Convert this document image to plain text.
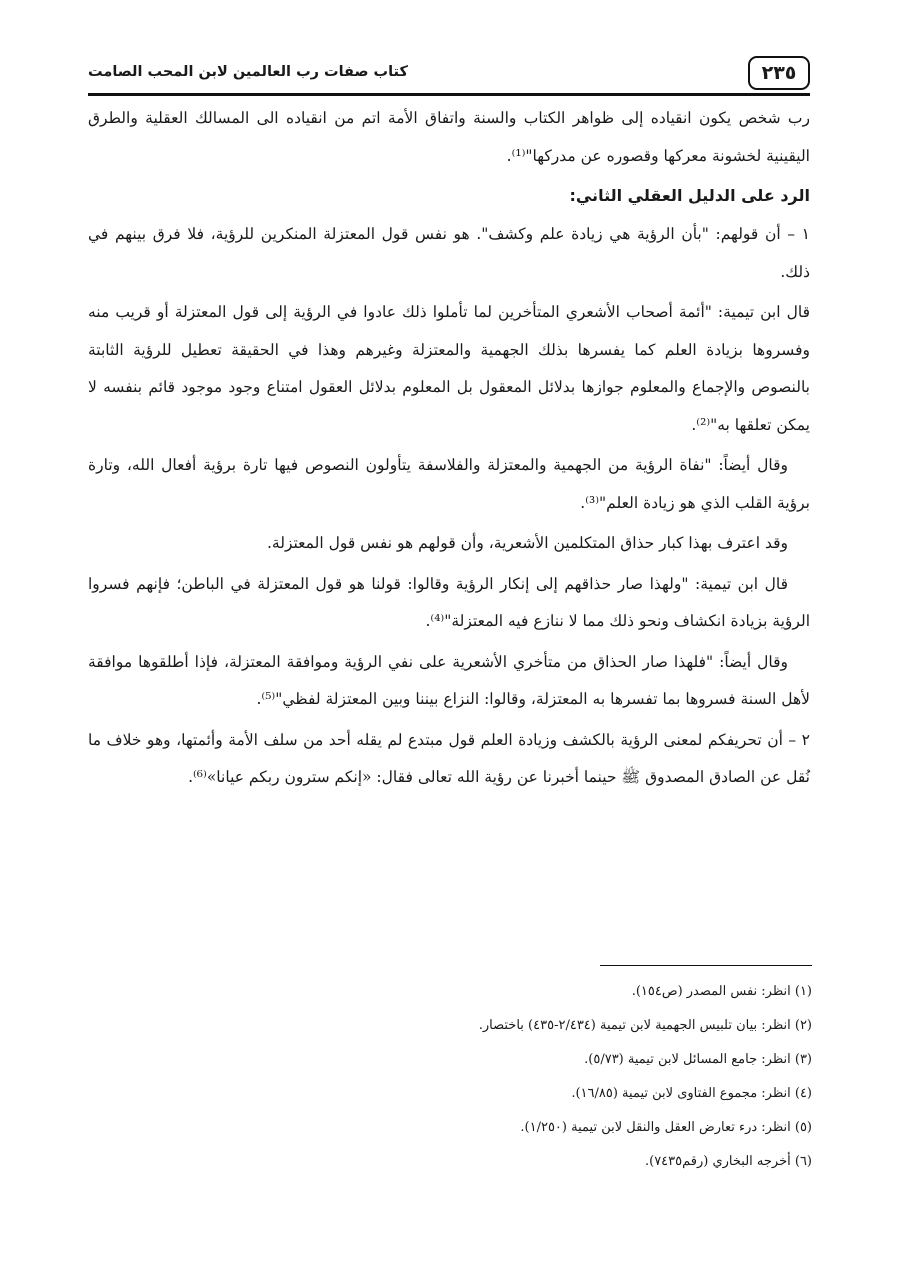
٢٣٥
كتاب صفات رب العالمين لابن المحب الصامت

رب شخص يكون انقياده إلى ظواهر الكتاب والسنة واتفاق الأمة اتم من انقياده الى المسالك العقلية والطرق اليقينية لخشونة معركها وقصوره عن مدركها"⁽¹⁾.

الرد على الدليل العقلي الثاني:

١ – أن قولهم: "بأن الرؤية هي زيادة علم وكشف". هو نفس قول المعتزلة المنكرين للرؤية، فلا فرق بينهم في ذلك.

قال ابن تيمية: "أئمة أصحاب الأشعري المتأخرين لما تأملوا ذلك عادوا في الرؤية إلى قول المعتزلة أو قريب منه وفسروها بزيادة العلم كما يفسرها بذلك الجهمية والمعتزلة وغيرهم وهذا في الحقيقة تعطيل للرؤية الثابتة بالنصوص والإجماع والمعلوم جوازها بدلائل المعقول بل المعلوم بدلائل العقول امتناع وجود موجود قائم بنفسه لا يمكن تعلقها به"⁽²⁾.

وقال أيضاً: "نفاة الرؤية من الجهمية والمعتزلة والفلاسفة يتأولون النصوص فيها تارة برؤية أفعال الله، وتارة برؤية القلب الذي هو زيادة العلم"⁽³⁾.

وقد اعترف بهذا كبار حذاق المتكلمين الأشعرية، وأن قولهم هو نفس قول المعتزلة.

قال ابن تيمية: "ولهذا صار حذاقهم إلى إنكار الرؤية وقالوا: قولنا هو قول المعتزلة في الباطن؛ فإنهم فسروا الرؤية بزيادة انكشاف ونحو ذلك مما لا ننازع فيه المعتزلة"⁽⁴⁾.

وقال أيضاً: "فلهذا صار الحذاق من متأخري الأشعرية على نفي الرؤية وموافقة المعتزلة، فإذا أطلقوها موافقة لأهل السنة فسروها بما تفسرها به المعتزلة، وقالوا: النزاع بيننا وبين المعتزلة لفظي"⁽⁵⁾.

٢ – أن تحريفكم لمعنى الرؤية بالكشف وزيادة العلم قول مبتدع لم يقله أحد من سلف الأمة وأئمتها، وهو خلاف ما نُقل عن الصادق المصدوق ﷺ حينما أخبرنا عن رؤية الله تعالى فقال: «إنكم سترون ربكم عيانا»⁽⁶⁾.

(١) انظر: نفس المصدر (ص١٥٤).
(٢) انظر: بيان تلبيس الجهمية لابن تيمية (٢/٤٣٤-٤٣٥) باختصار.
(٣) انظر: جامع المسائل لابن تيمية (٥/٧٣).
(٤) انظر: مجموع الفتاوى لابن تيمية (١٦/٨٥).
(٥) انظر: درء تعارض العقل والنقل لابن تيمية (١/٢٥٠).
(٦) أخرجه البخاري (رقم٧٤٣٥).
